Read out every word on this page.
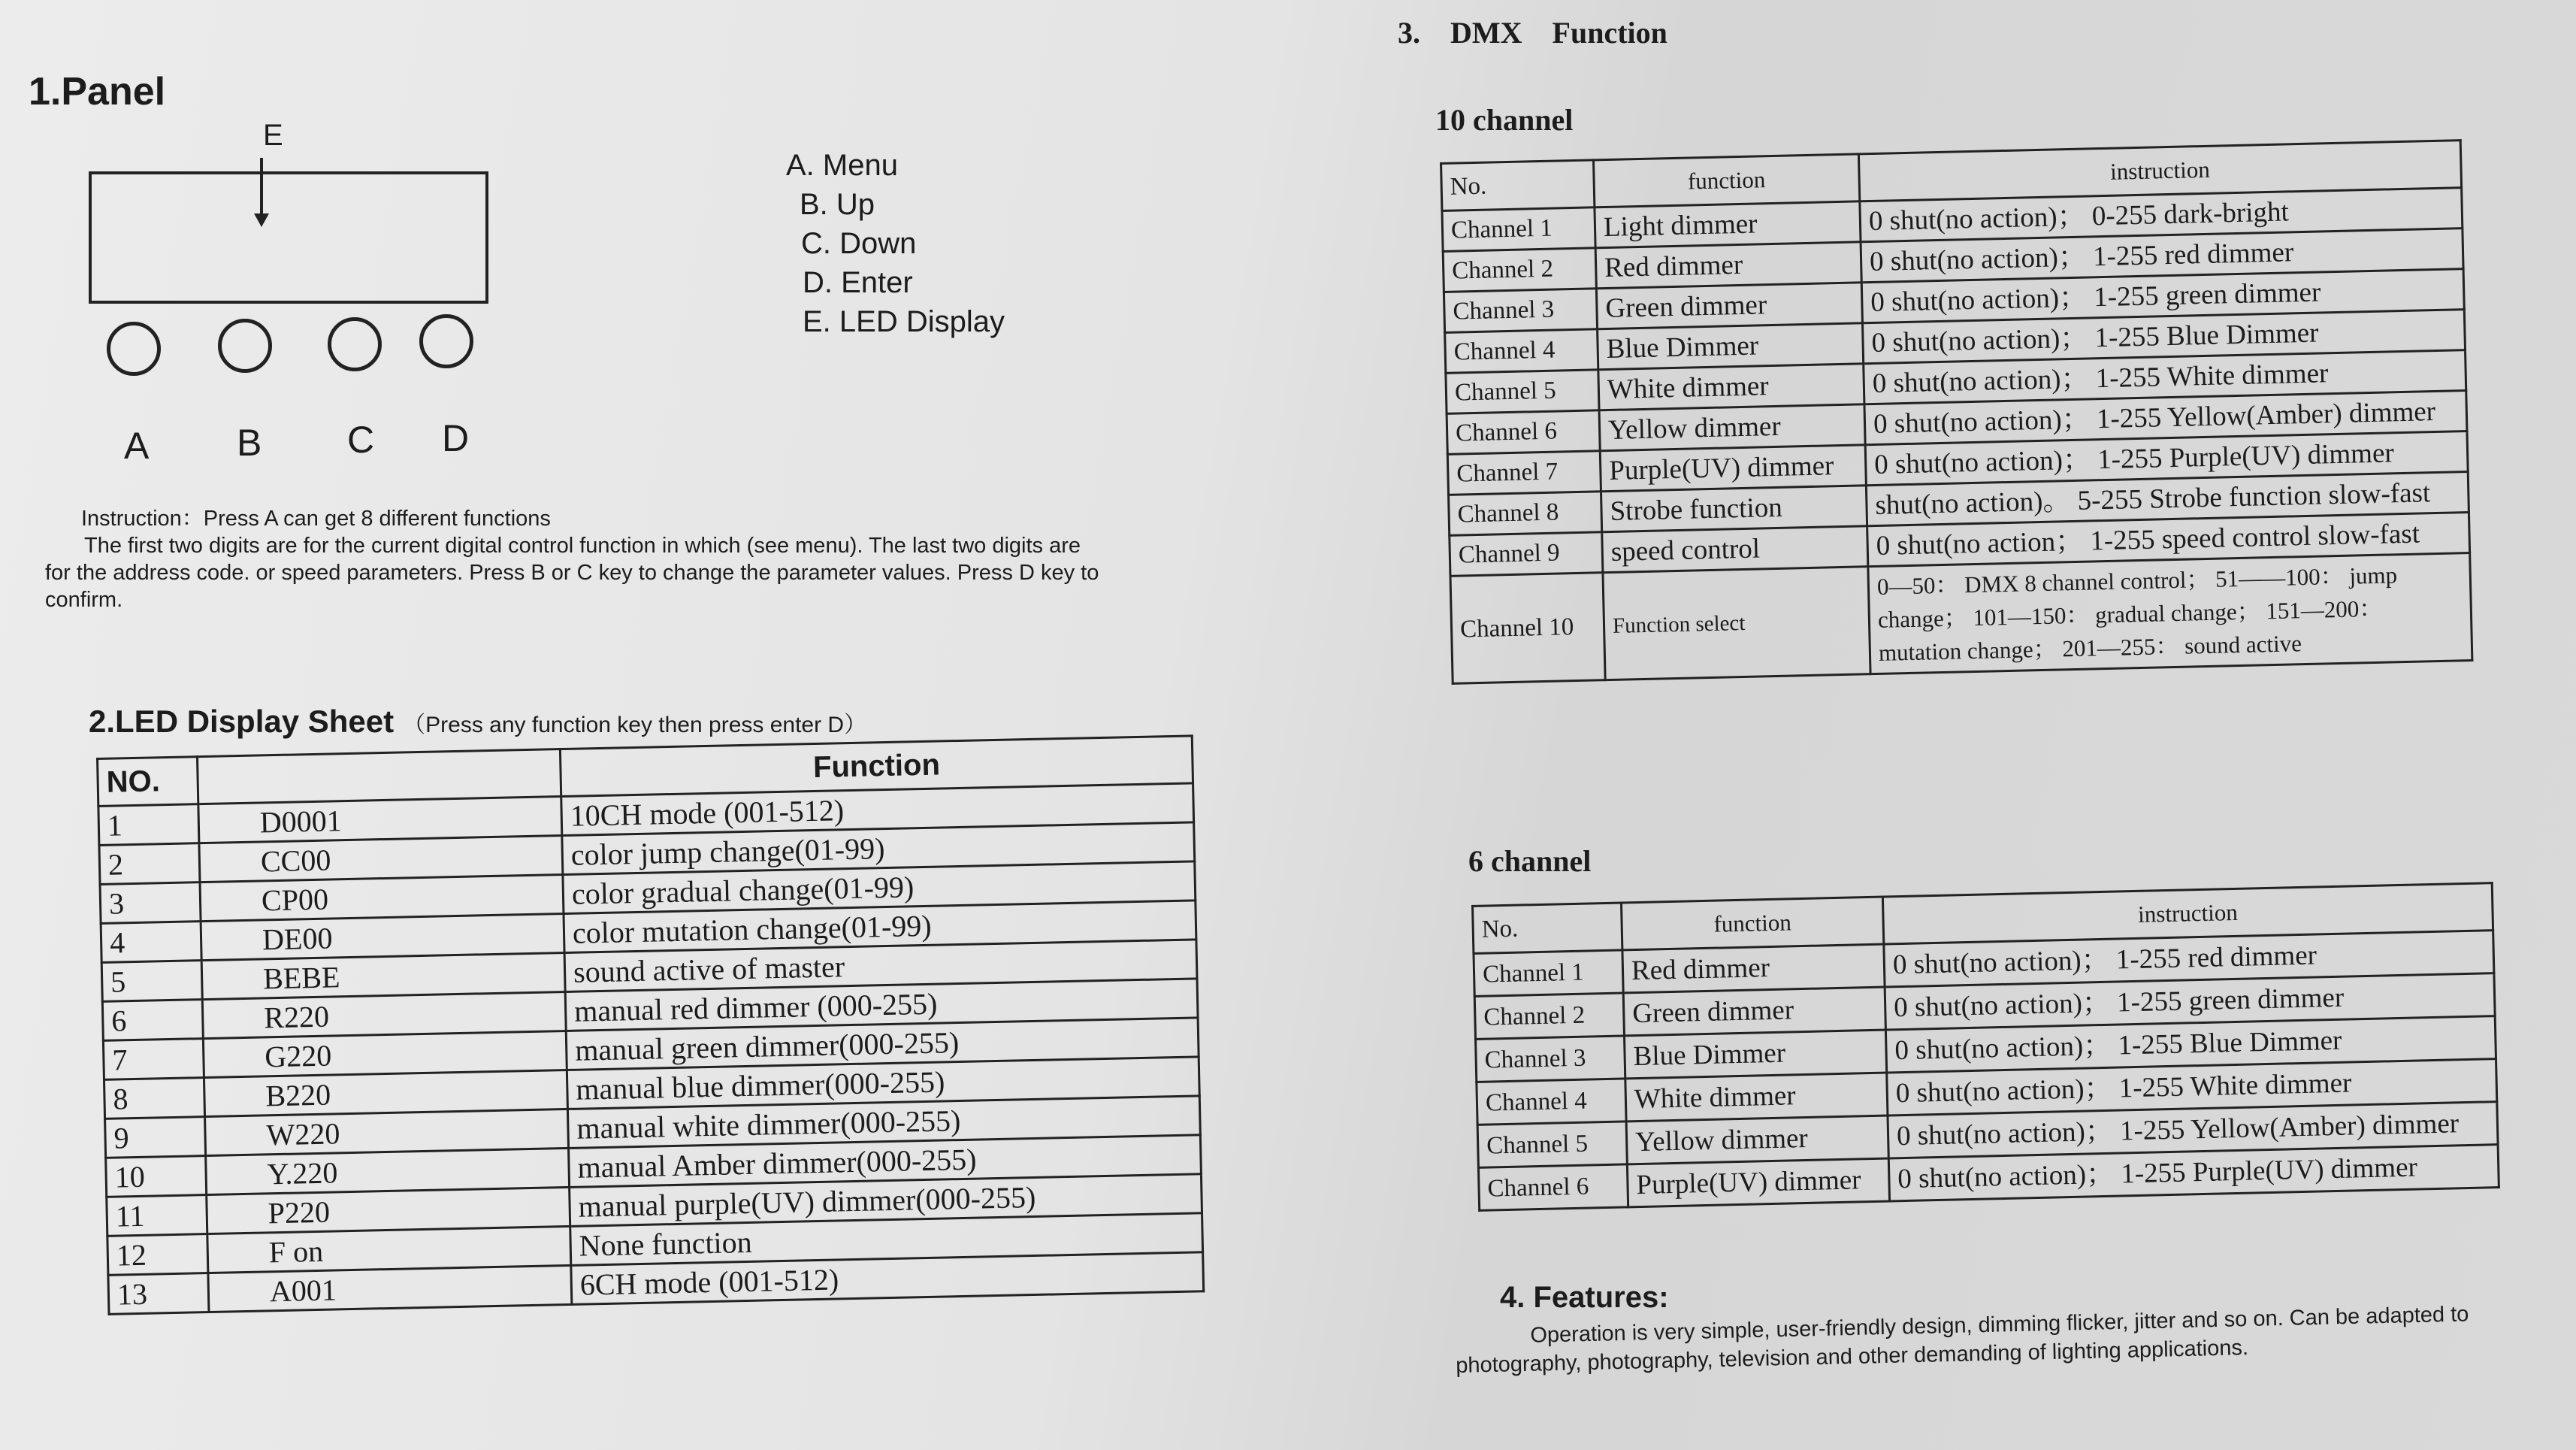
1.Panel
E
A B C D
A. Menu
B. Up
C. Down
D. Enter
E. LED Display

Instruction：Press A can get 8 different functions

The first two digits are for the current digital control function in which (see menu). The last two digits are

for the address code. or speed parameters. Press B or C key to change the parameter values. Press D key to

confirm.

2.LED Display Sheet （Press any function key then press enter D）
NO.		Function
1	D0001	10CH mode (001-512)
2	CC00	color jump change(01-99)
3	CP00	color gradual change(01-99)
4	DE00	color mutation change(01-99)
5	BEBE	sound active of master
6	R220	manual red dimmer (000-255)
7	G220	manual green dimmer(000-255)
8	B220	manual blue dimmer(000-255)
9	W220	manual white dimmer(000-255)
10	Y.220	manual Amber dimmer(000-255)
11	P220	manual purple(UV) dimmer(000-255)
12	F on	None function
13	A001	6CH mode (001-512)
3. DMX Function
10 channel
No.	function	instruction
Channel 1	Light dimmer	0 shut(no action)； 0-255 dark-bright
Channel 2	Red dimmer	0 shut(no action)； 1-255 red dimmer
Channel 3	Green dimmer	0 shut(no action)； 1-255 green dimmer
Channel 4	Blue Dimmer	0 shut(no action)； 1-255 Blue Dimmer
Channel 5	White dimmer	0 shut(no action)； 1-255 White dimmer
Channel 6	Yellow dimmer	0 shut(no action)； 1-255 Yellow(Amber) dimmer
Channel 7	Purple(UV) dimmer	0 shut(no action)； 1-255 Purple(UV) dimmer
Channel 8	Strobe function	shut(no action)。 5-255 Strobe function slow-fast
Channel 9	speed control	0 shut(no action； 1-255 speed control slow-fast
Channel 10	Function select	0—50： DMX 8 channel control； 51——100： jump change； 101—150： gradual change； 151—200： mutation change； 201—255： sound active
6 channel
No.	function	instruction
Channel 1	Red dimmer	0 shut(no action)； 1-255 red dimmer
Channel 2	Green dimmer	0 shut(no action)； 1-255 green dimmer
Channel 3	Blue Dimmer	0 shut(no action)； 1-255 Blue Dimmer
Channel 4	White dimmer	0 shut(no action)； 1-255 White dimmer
Channel 5	Yellow dimmer	0 shut(no action)； 1-255 Yellow(Amber) dimmer
Channel 6	Purple(UV) dimmer	0 shut(no action)； 1-255 Purple(UV) dimmer
4. Features:
Operation is very simple, user-friendly design, dimming flicker, jitter and so on. Can be adapted to photography, photography, television and other demanding of lighting applications.
